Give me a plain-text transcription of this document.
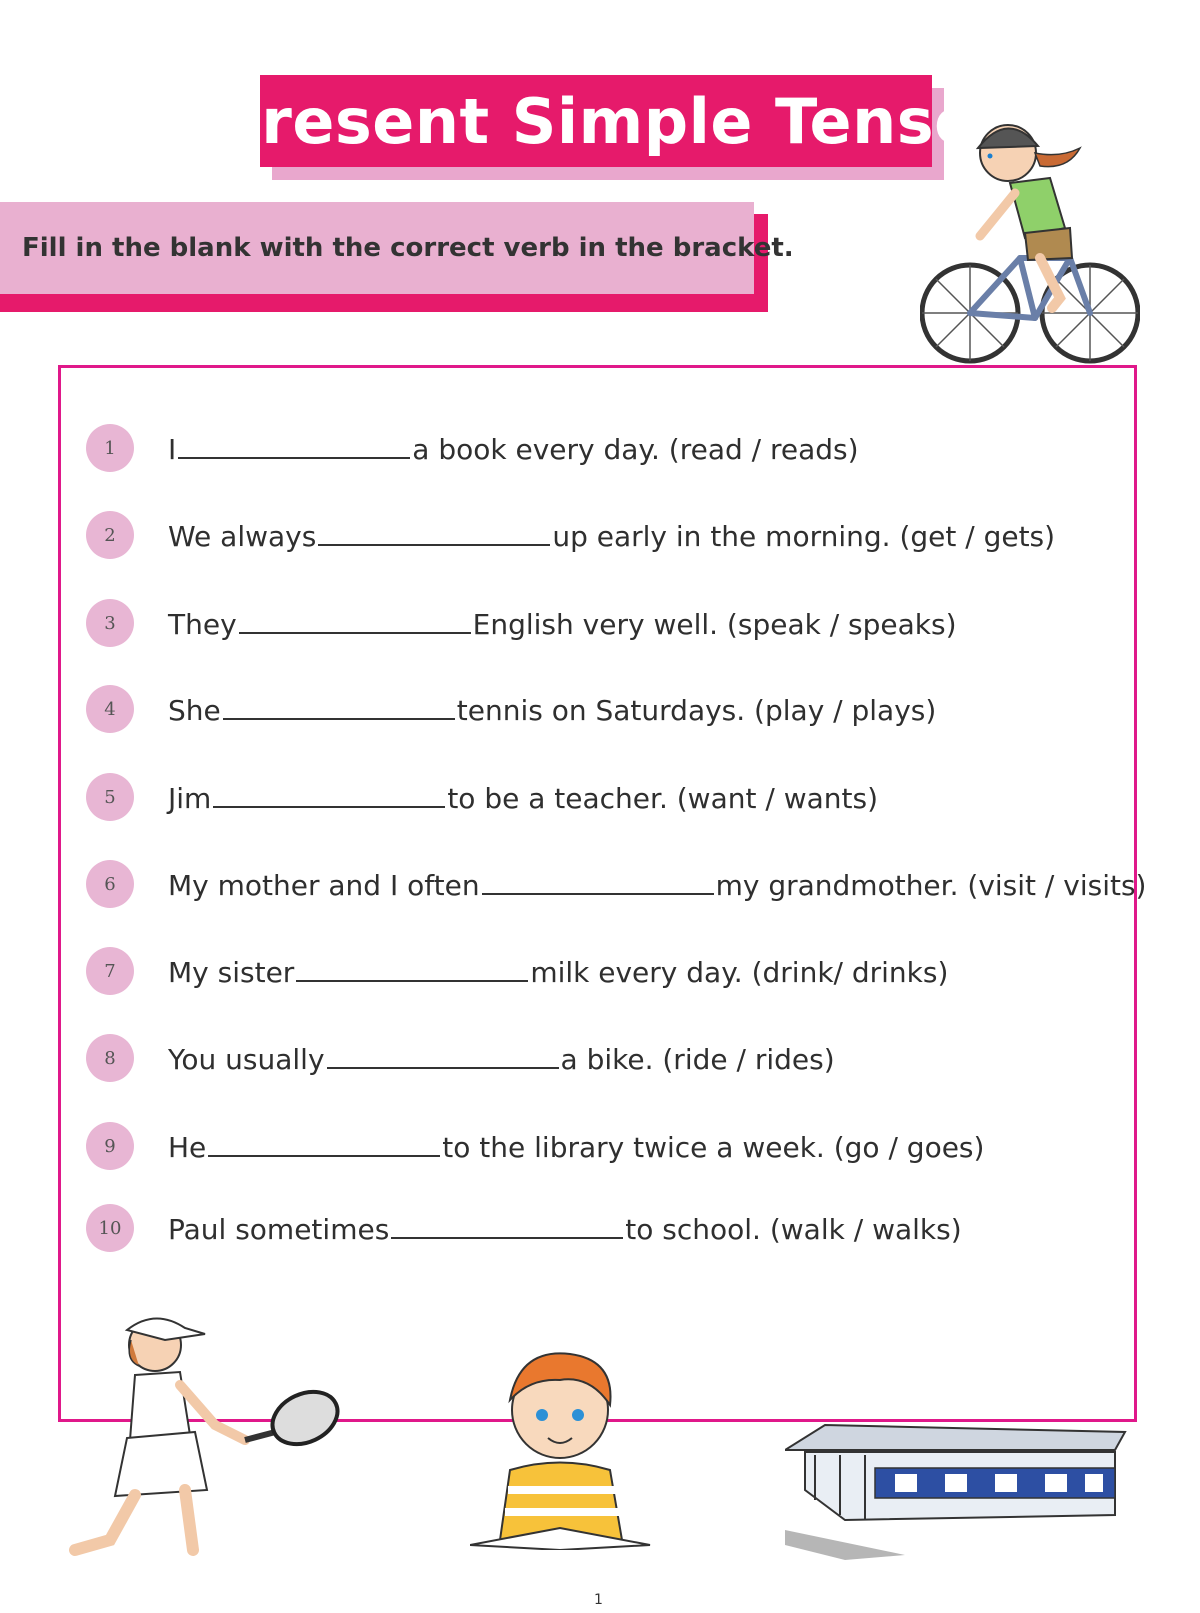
Present Simple Tense
Fill in the blank with the correct verb in the bracket.
1	I	a book every day. (read / reads)
2	We always	up early in the morning. (get / gets)
3	They	English very well. (speak / speaks)
4	She	tennis on Saturdays. (play / plays)
5	Jim	to be a teacher. (want / wants)
6	My mother and I often	my grandmother. (visit / visits)
7	My sister	milk every day. (drink/ drinks)
8	You usually	a bike. (ride / rides)
9	He	to the library twice a week. (go / goes)
10	Paul sometimes	to school. (walk / walks)
1
